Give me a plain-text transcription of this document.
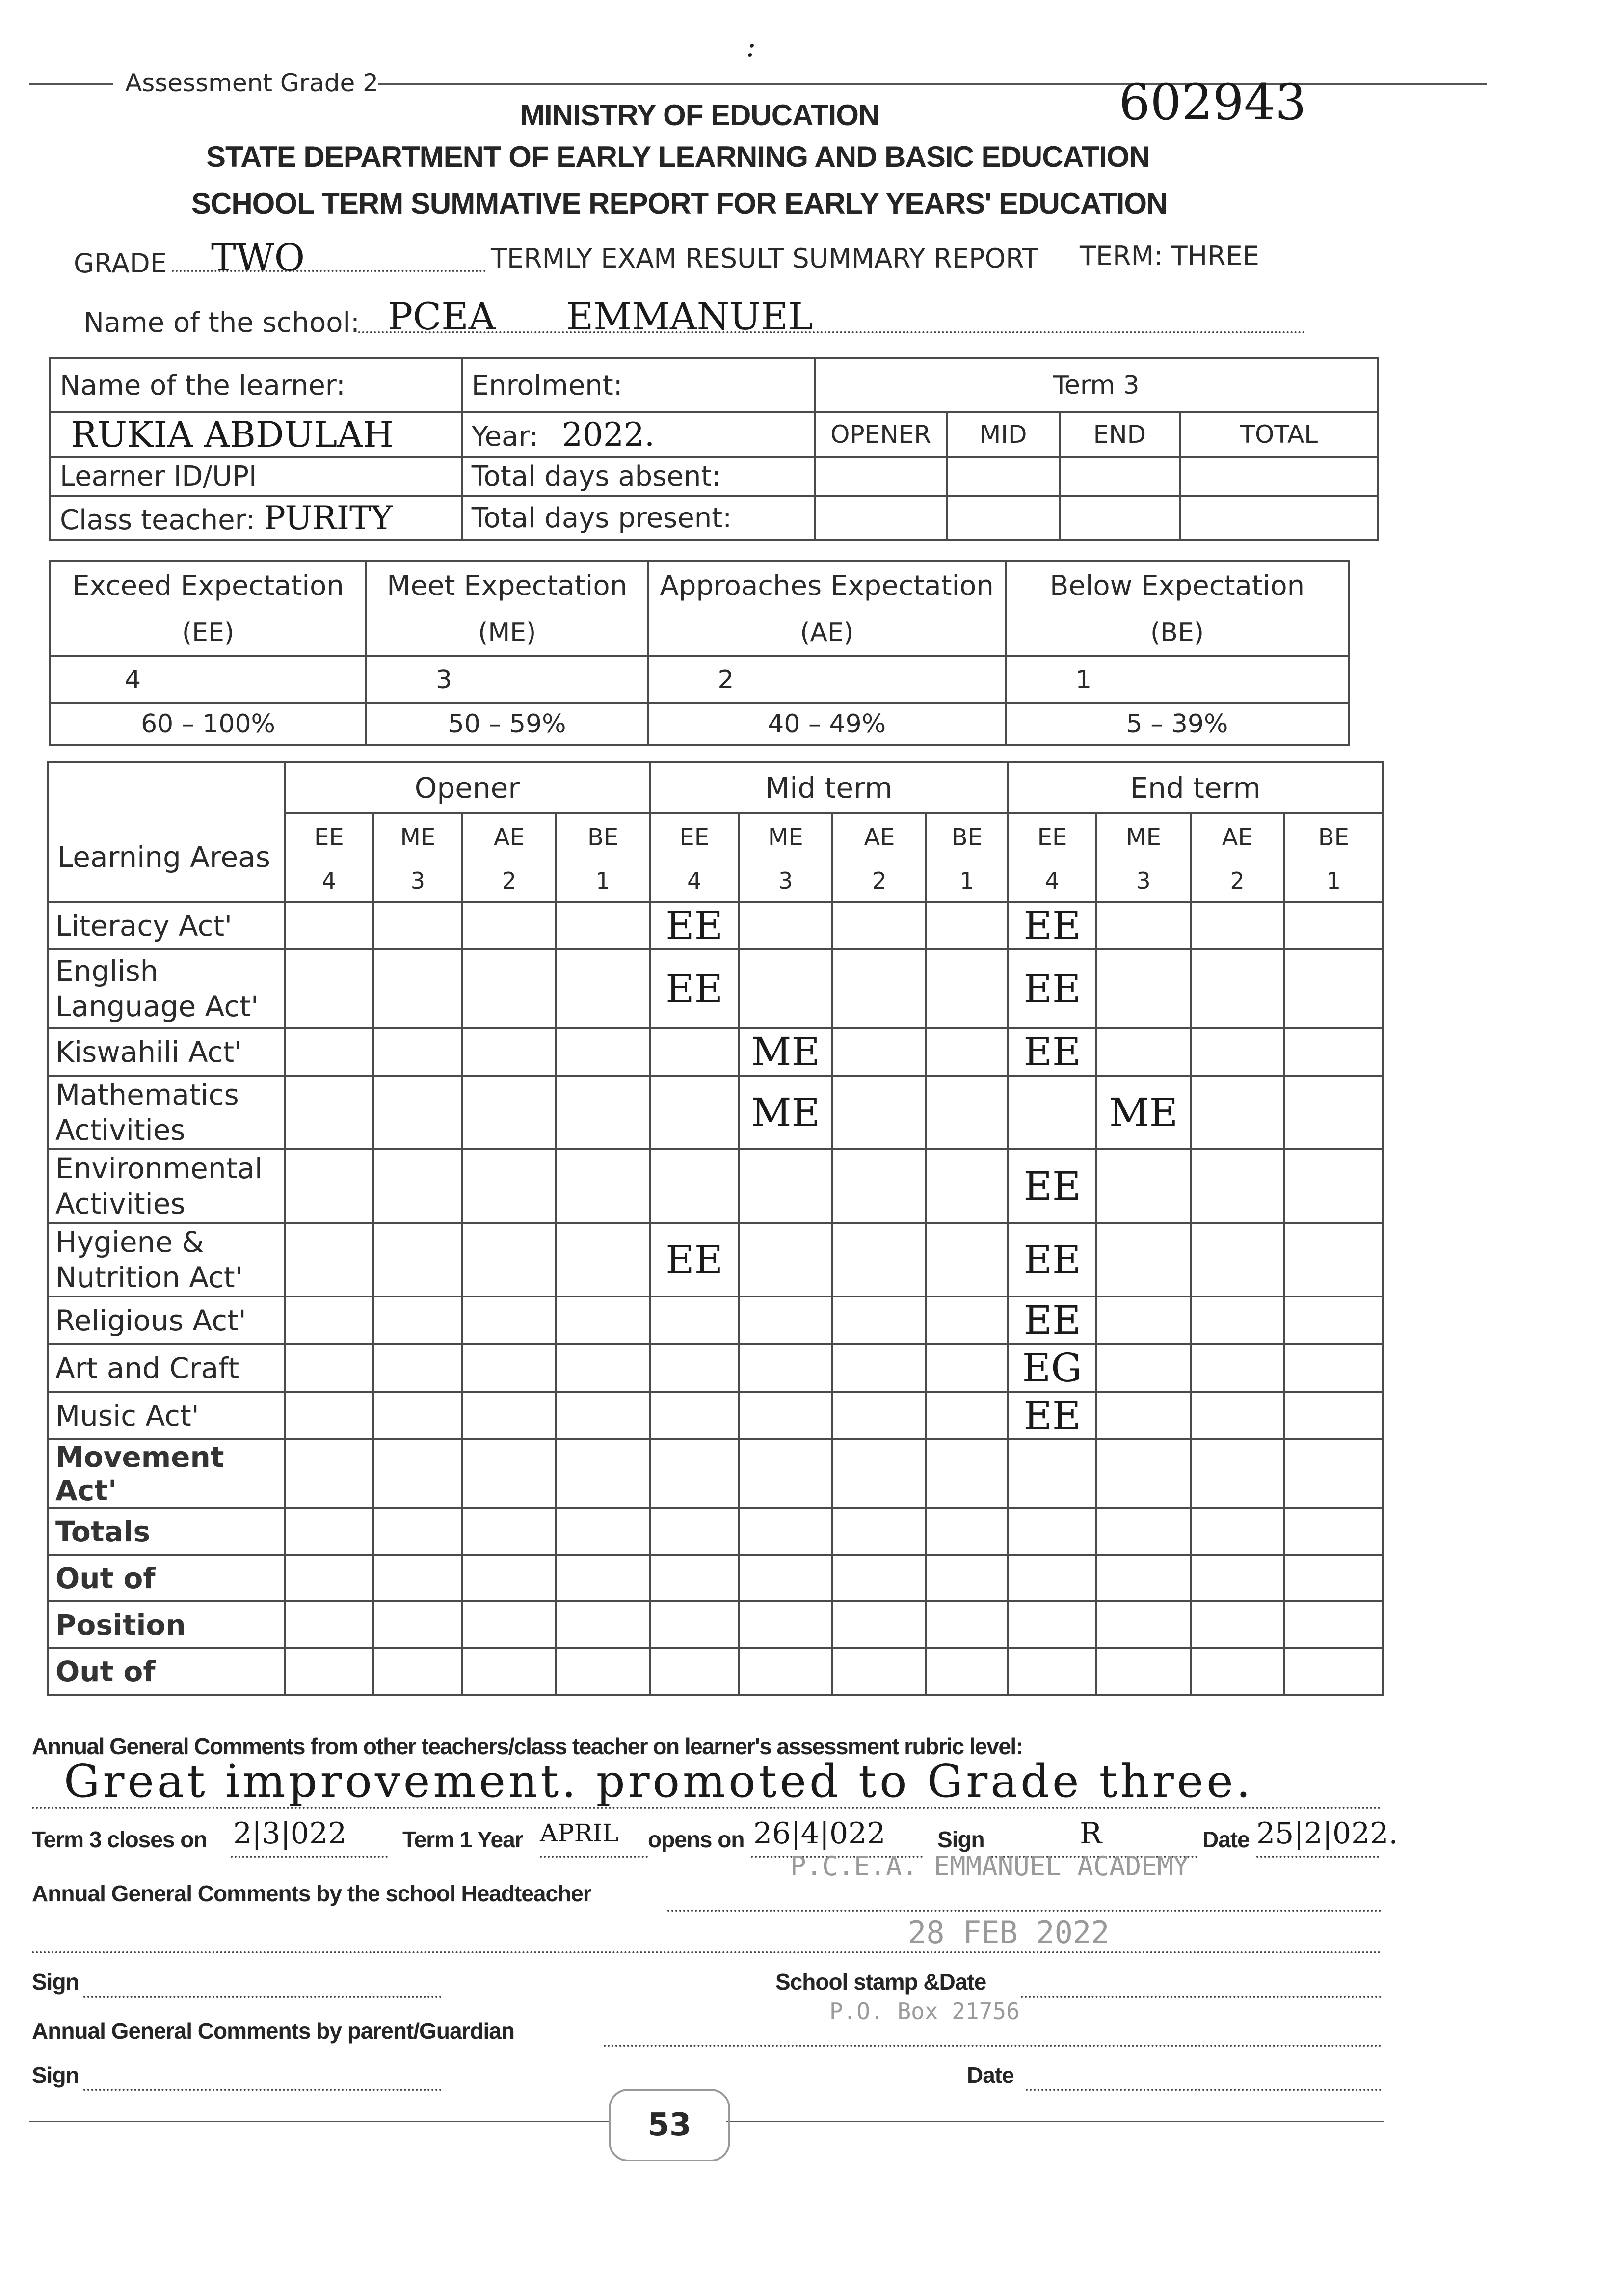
Assessment Grade 2
:
602943
MINISTRY OF EDUCATION
STATE DEPARTMENT OF EARLY LEARNING AND BASIC EDUCATION
SCHOOL TERM SUMMATIVE REPORT FOR EARLY YEARS' EDUCATION
GRADE TWO	TERMLY EXAM RESULT SUMMARY REPORT TERM: THREE
Name of the school: PCEA EMMANUEL
Name of the learner:	Enrolment:	Term 3			
RUKIA ABDULAH	Year: 2022.	OPENER	MID	END	TOTAL
Learner ID/UPI	Total days absent:				
Class teacher: PURITY	Total days present:				
Exceed Expectation	Meet Expectation	Approaches Expectation	Below Expectation
(EE)	(ME)	(AE)	(BE)
4	3	2	1
60 – 100%	50 – 59%	40 – 49%	5 – 39%
	Opener				Mid term				End term			
Learning Areas	EE	ME	AE	BE	EE	ME	AE	BE	EE	ME	AE	BE
	4	3	2	1	4	3	2	1	4	3	2	1
Literacy Act'					EE				EE			
English Language Act'					EE				EE			
Kiswahili Act'						ME			EE			
Mathematics Activities						ME				ME		
Environmental Activities									EE			
Hygiene & Nutrition Act'					EE				EE			
Religious Act'									EE			
Art and Craft									EG			
Music Act'									EE			
Movement Act'												
Totals												
Out of												
Position												
Out of												
Annual General Comments from other teachers/class teacher on learner's assessment rubric level:
Great improvement. promoted to Grade three.
Term 3 closes on 2|3|022 Term 1 Year APRIL opens on 26|4|022 Sign	R	Date 25|2|022.
Annual General Comments by the school Headteacher
P.C.E.A. EMMANUEL ACADEMY
28 FEB 2022
P.O. Box 21756
Sign	School stamp &Date
Annual General Comments by parent/Guardian
Sign	Date
53
